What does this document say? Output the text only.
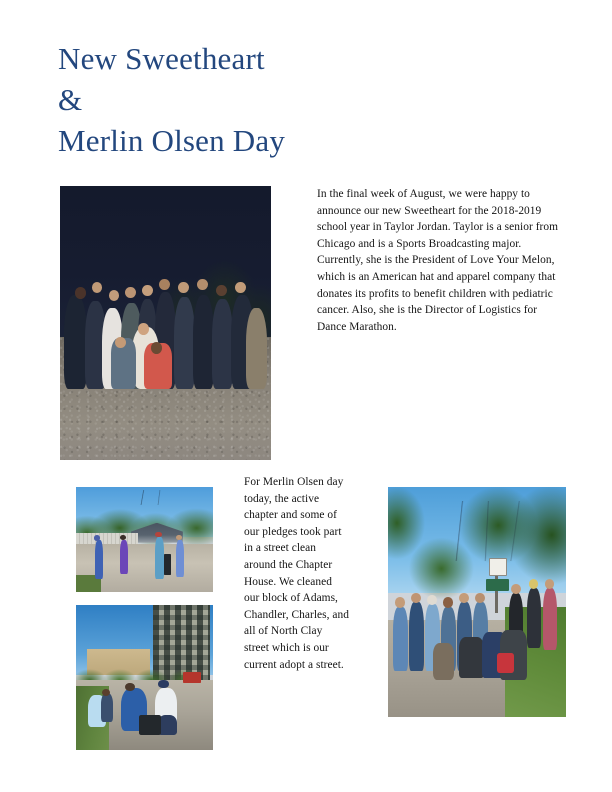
New Sweetheart
&
Merlin Olsen Day
In the final week of August, we were happy to announce our new Sweetheart for the 2018-2019 school year in Taylor Jordan. Taylor is a senior from Chicago and is a Sports Broadcasting major. Currently, she is the President of Love Your Melon, which is an American hat and apparel company that donates its profits to benefit children with pediatric cancer. Also, she is the Director of Logistics for Dance Marathon.
For Merlin Olsen day today, the active chapter and some of our pledges took part in a street clean around the Chapter House. We cleaned our block of Adams, Chandler, Charles, and all of North Clay street which is our current adopt a street.
